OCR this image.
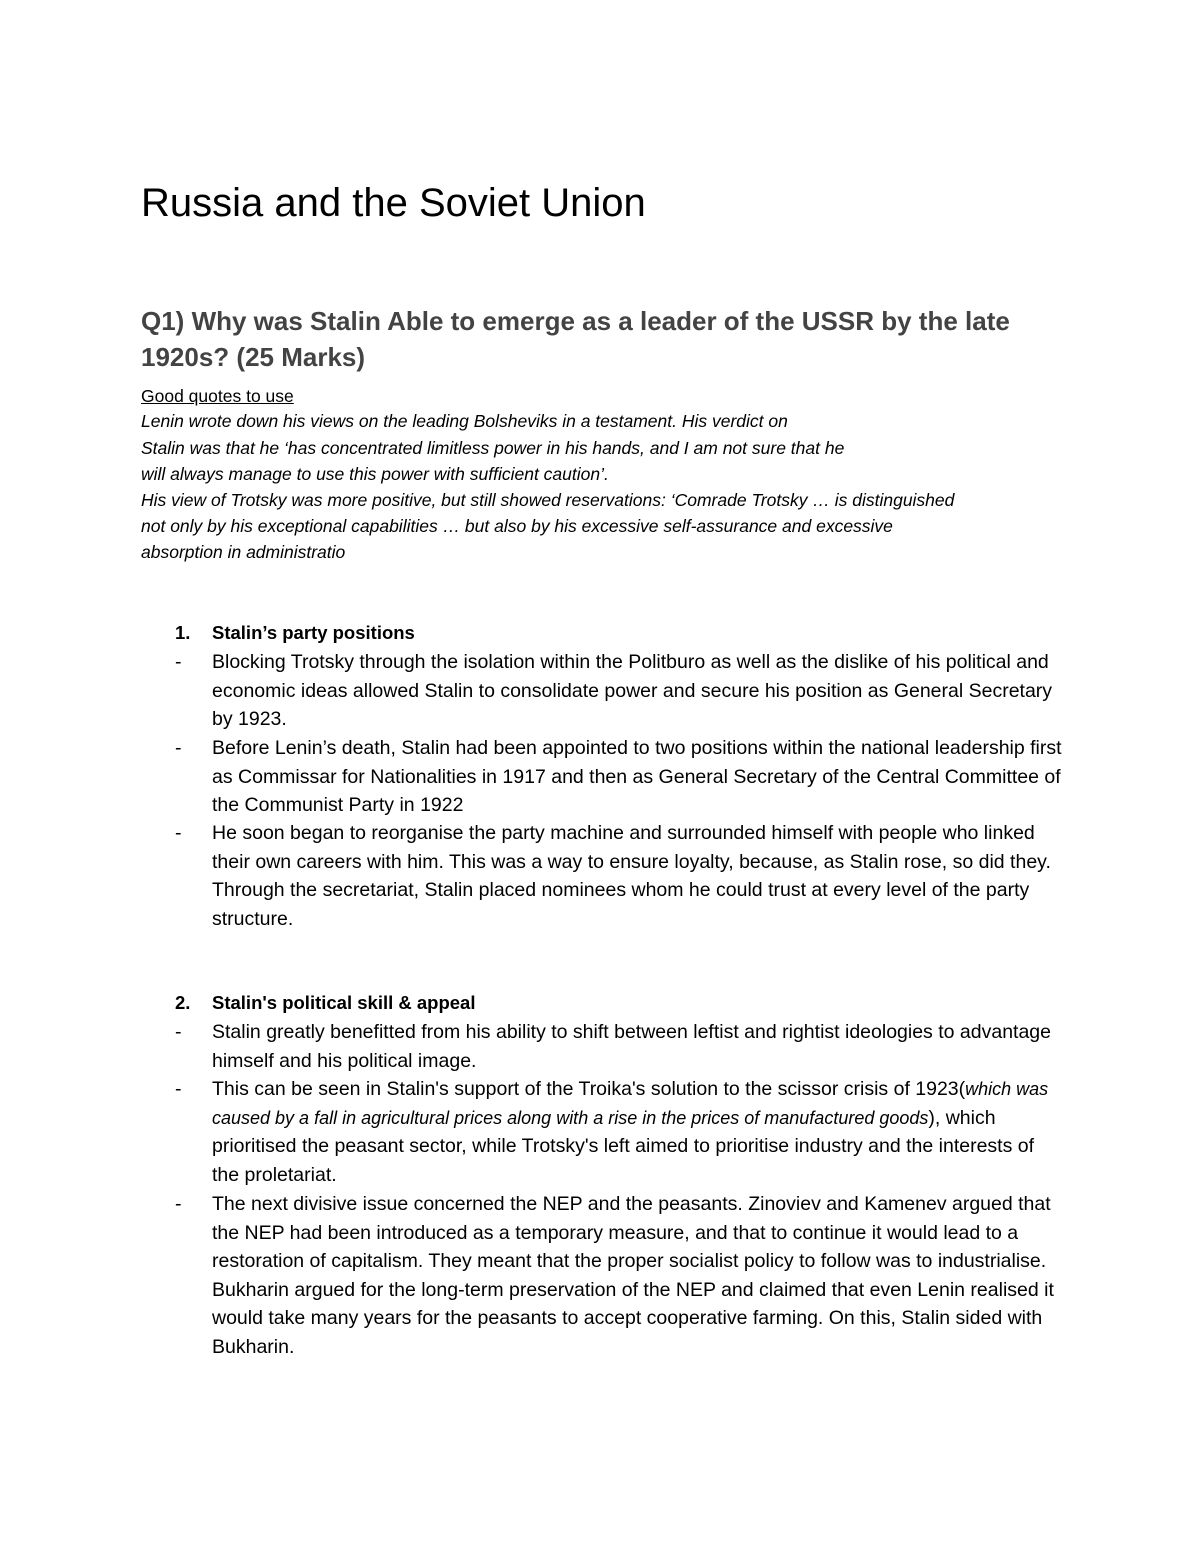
Russia and the Soviet Union
Q1) Why was Stalin Able to emerge as a leader of the USSR by the late 1920s? (25 Marks)

Good quotes to use

Lenin wrote down his views on the leading Bolsheviks in a testament. His verdict on

Stalin was that he ‘has concentrated limitless power in his hands, and I am not sure that he

will always manage to use this power with sufficient caution’.

His view of Trotsky was more positive, but still showed reservations: ‘Comrade Trotsky … is distinguished

not only by his exceptional capabilities … but also by his excessive self-assurance and excessive

absorption in administratio

1. Stalin’s party positions
-	Blocking Trotsky through the isolation within the Politburo as well as the dislike of his political and economic ideas allowed Stalin to consolidate power and secure his position as General Secretary by 1923.
-	Before Lenin’s death, Stalin had been appointed to two positions within the national leadership first as Commissar for Nationalities in 1917 and then as General Secretary of the Central Committee of the Communist Party in 1922
-	He soon began to reorganise the party machine and surrounded himself with people who linked their own careers with him. This was a way to ensure loyalty, because, as Stalin rose, so did they. Through the secretariat, Stalin placed nominees whom he could trust at every level of the party structure.
2. Stalin's political skill & appeal
-	Stalin greatly benefitted from his ability to shift between leftist and rightist ideologies to advantage himself and his political image.
-	This can be seen in Stalin's support of the Troika's solution to the scissor crisis of 1923(which was caused by a fall in agricultural prices along with a rise in the prices of manufactured goods), which prioritised the peasant sector, while Trotsky's left aimed to prioritise industry and the interests of the proletariat.
-	The next divisive issue concerned the NEP and the peasants. Zinoviev and Kamenev argued that the NEP had been introduced as a temporary measure, and that to continue it would lead to a restoration of capitalism. They meant that the proper socialist policy to follow was to industrialise. Bukharin argued for the long-term preservation of the NEP and claimed that even Lenin realised it would take many years for the peasants to accept cooperative farming. On this, Stalin sided with Bukharin.
